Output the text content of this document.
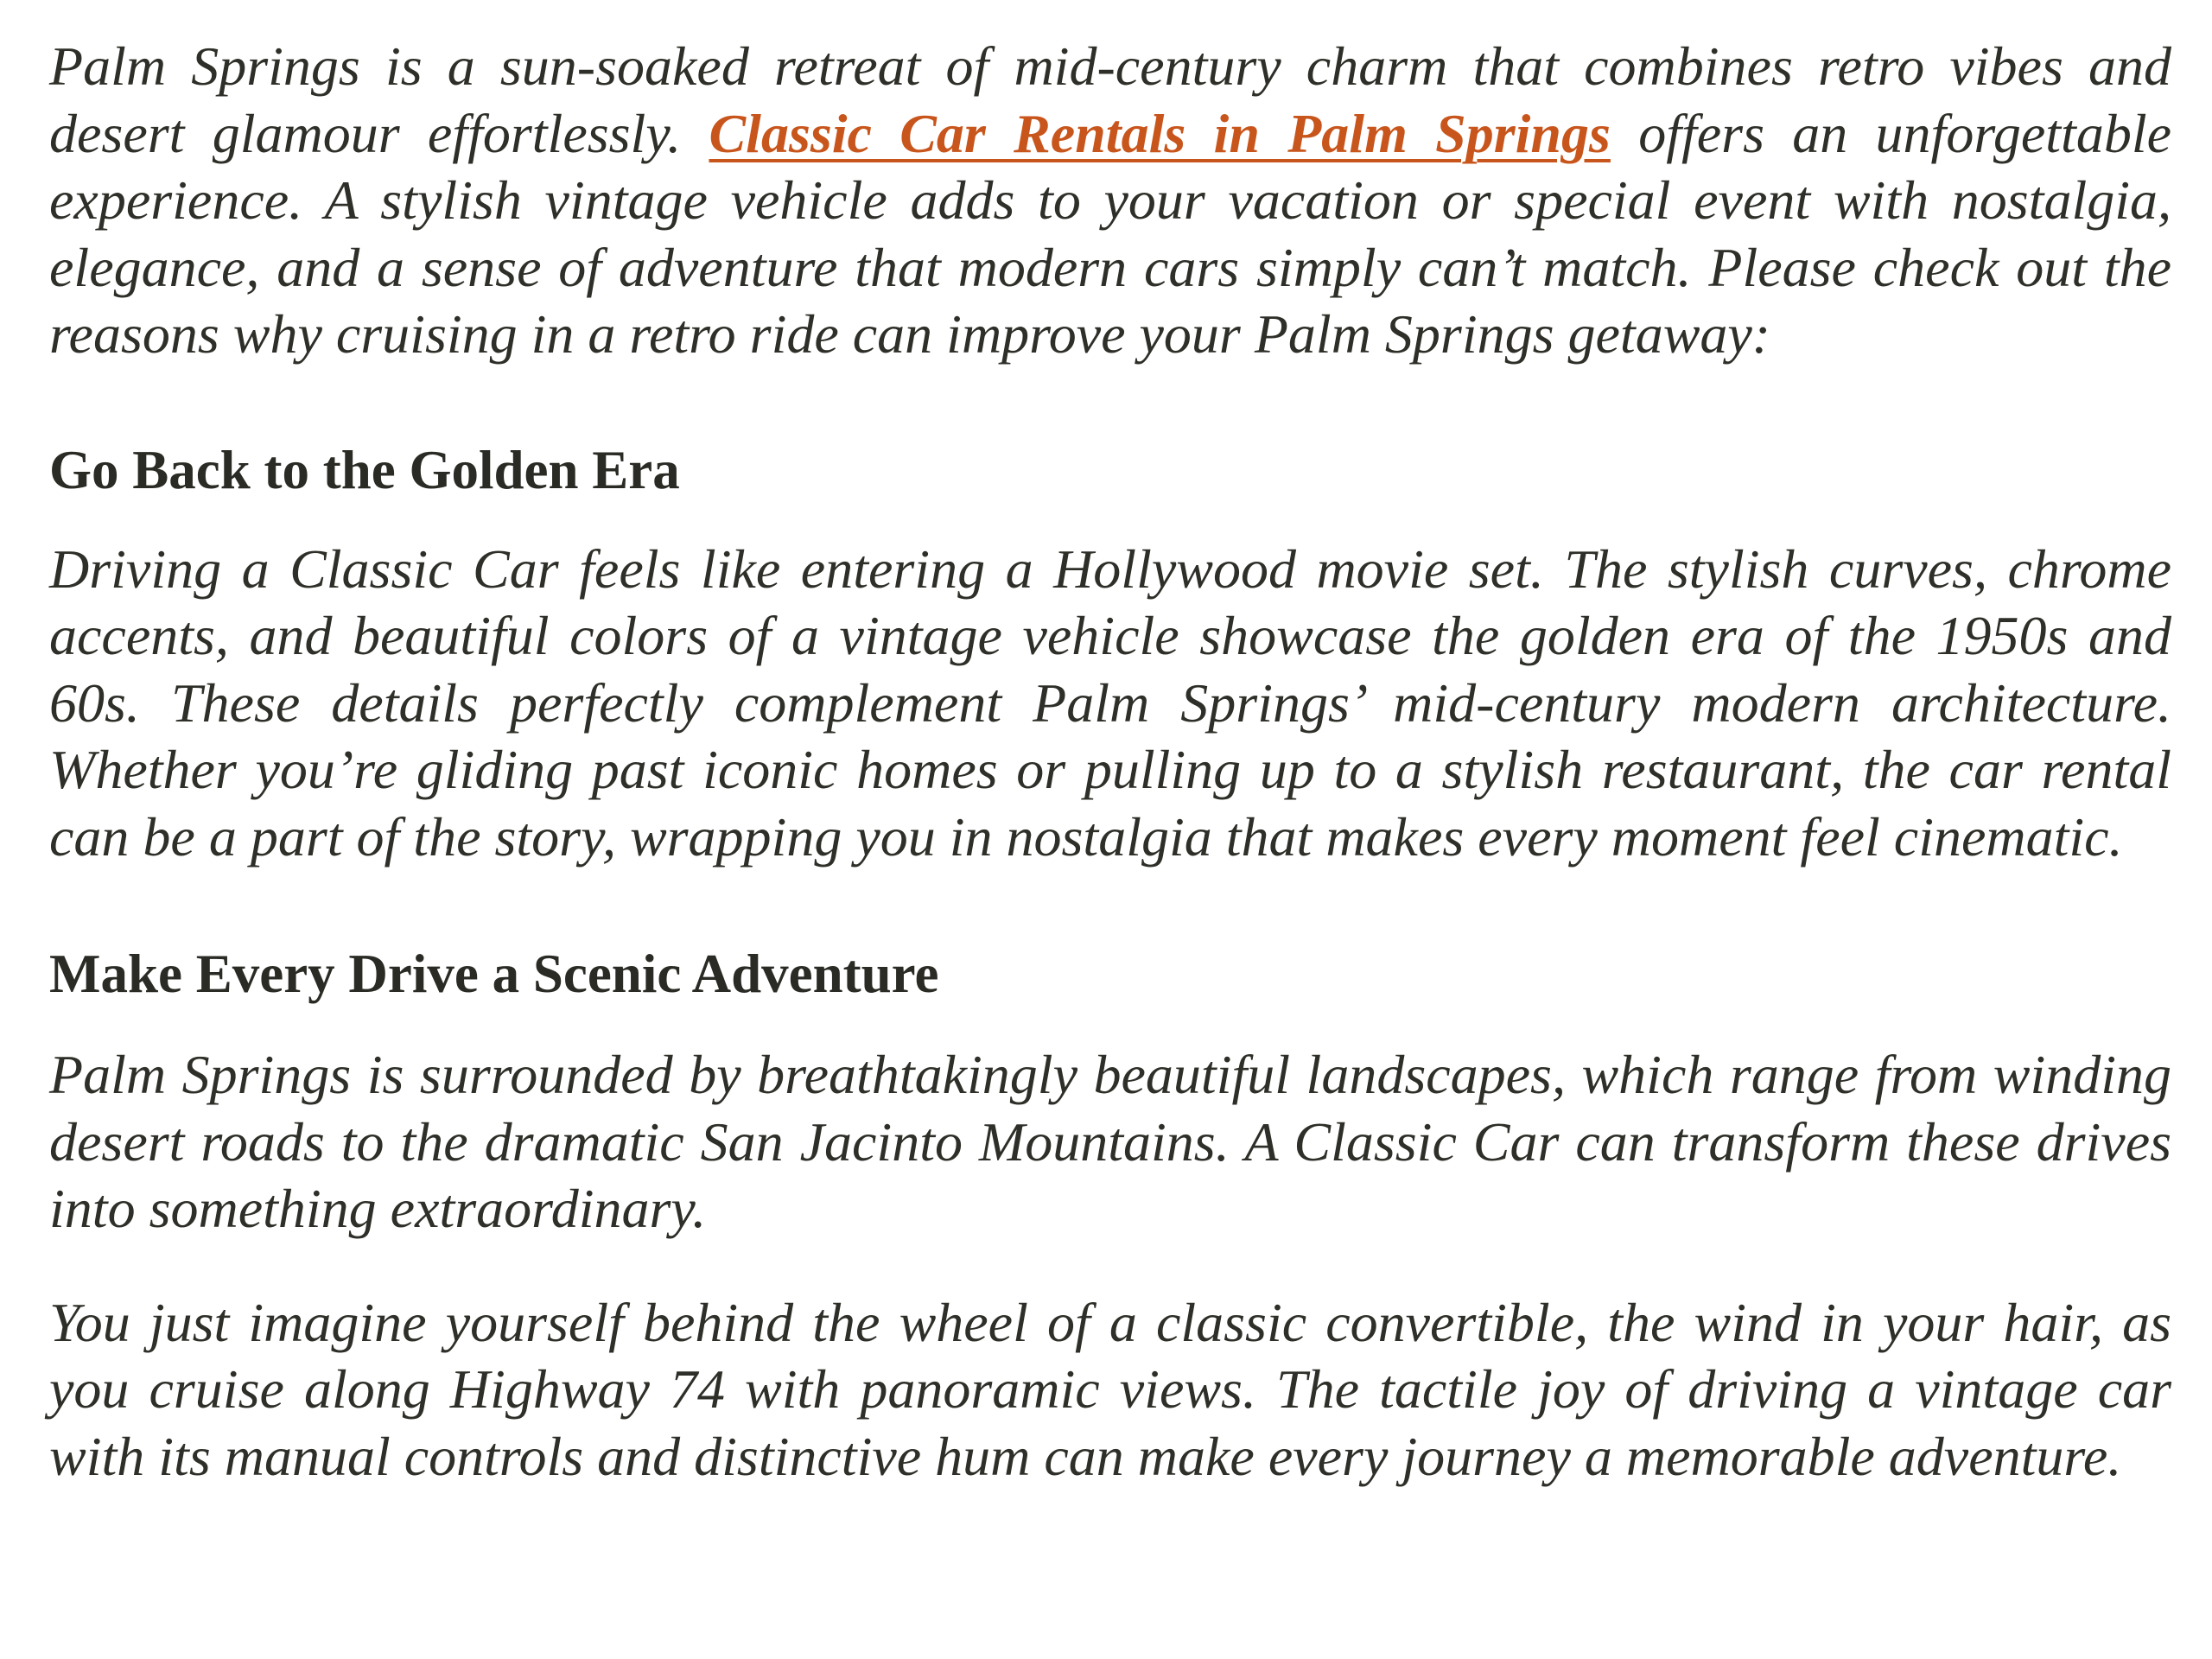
Palm Springs is a sun-soaked retreat of mid-century charm that combines retro vibes and desert glamour effortlessly. Classic Car Rentals in Palm Springs offers an unforgettable experience. A stylish vintage vehicle adds to your vacation or special event with nostalgia, elegance, and a sense of adventure that modern cars simply can’t match. Please check out the reasons why cruising in a retro ride can improve your Palm Springs getaway:

Go Back to the Golden Era

Driving a Classic Car feels like entering a Hollywood movie set. The stylish curves, chrome accents, and beautiful colors of a vintage vehicle showcase the golden era of the 1950s and 60s. These details perfectly complement Palm Springs’ mid-century modern architecture. Whether you’re gliding past iconic homes or pulling up to a stylish restaurant, the car rental can be a part of the story, wrapping you in nostalgia that makes every moment feel cinematic.

Make Every Drive a Scenic Adventure

Palm Springs is surrounded by breathtakingly beautiful landscapes, which range from winding desert roads to the dramatic San Jacinto Mountains. A Classic Car can transform these drives into something extraordinary.

You just imagine yourself behind the wheel of a classic convertible, the wind in your hair, as you cruise along Highway 74 with panoramic views. The tactile joy of driving a vintage car with its manual controls and distinctive hum can make every journey a memorable adventure.
